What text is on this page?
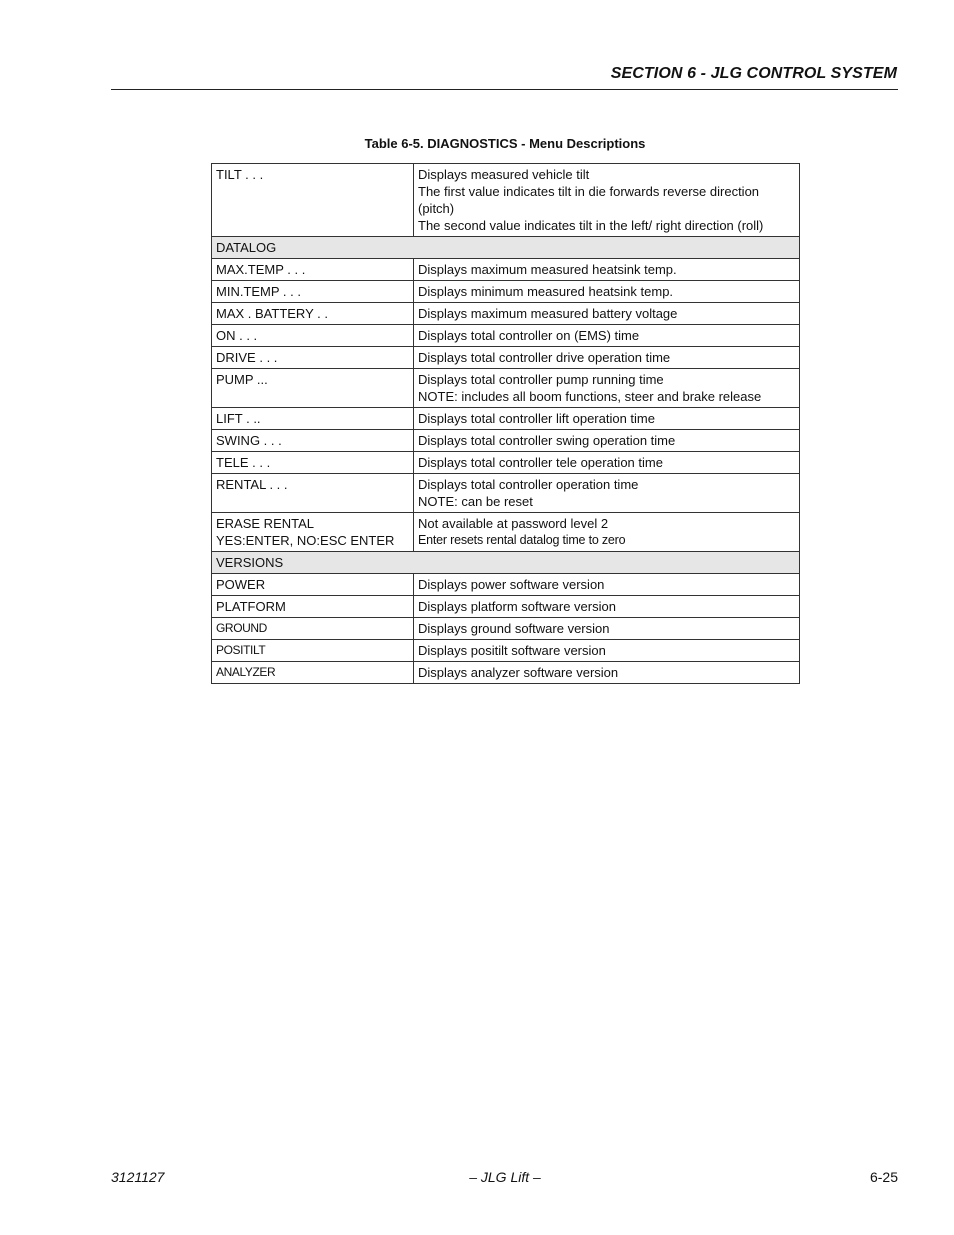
SECTION 6 - JLG CONTROL SYSTEM
Table 6-5. DIAGNOSTICS - Menu Descriptions
TILT . . .	Displays measured vehicle tilt
The first value indicates tilt in die forwards reverse direction (pitch)
The second value indicates tilt in the left/ right direction (roll)

DATALOG	
MAX.TEMP . . .	Displays maximum measured heatsink temp.
MIN.TEMP . . .	Displays minimum measured heatsink temp.
MAX . BATTERY . .	Displays maximum measured battery voltage
ON . . .	Displays total controller on (EMS) time
DRIVE . . .	Displays total controller drive operation time
PUMP ...	Displays total controller pump running time
NOTE: includes all boom functions, steer and brake release

LIFT . ..	Displays total controller lift operation time
SWING . . .	Displays total controller swing operation time
TELE . . .	Displays total controller tele operation time
RENTAL . . .	Displays total controller operation time
NOTE: can be reset

ERASE RENTAL
YES:ENTER, NO:ESC ENTER	Not available at password level 2
Enter resets rental datalog time to zero

VERSIONS	
POWER	Displays power software version
PLATFORM	Displays platform software version
GROUND	Displays ground software version
POSITILT	Displays positilt software version
ANALYZER	Displays analyzer software version
3121127	– JLG Lift –	6-25
